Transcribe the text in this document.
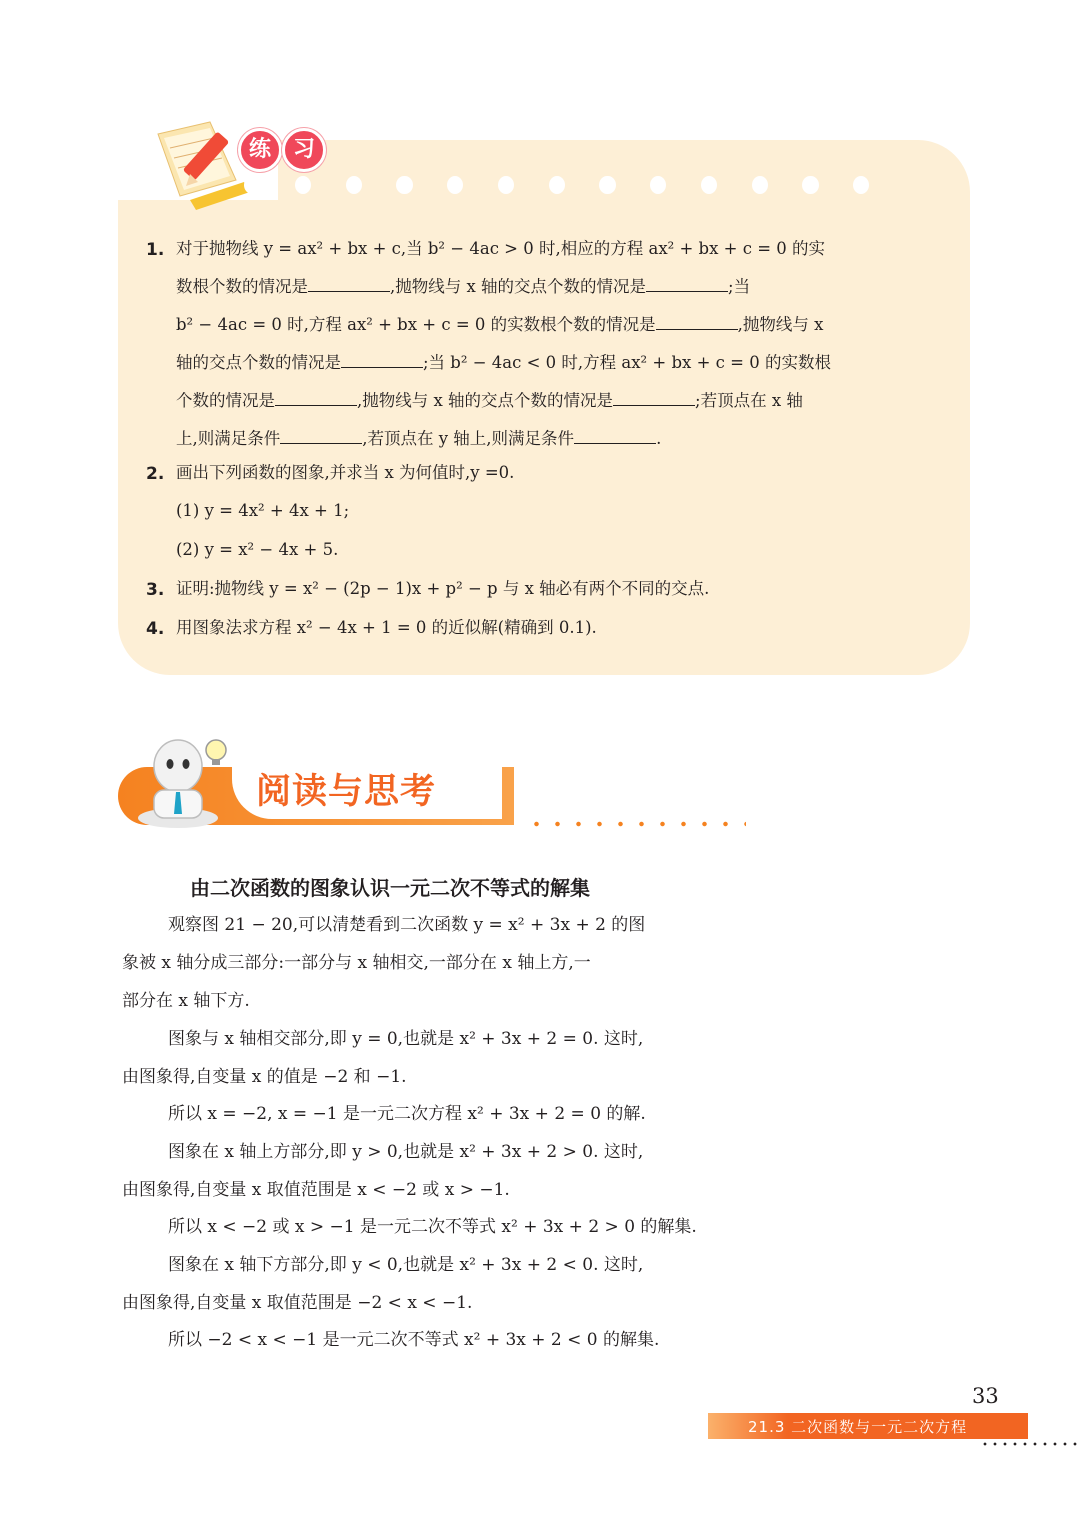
练 习
1. 对于抛物线 y = ax² + bx + c,当 b² − 4ac > 0 时,相应的方程 ax² + bx + c = 0 的实
数根个数的情况是	,抛物线与 x 轴的交点个数的情况是	;当
b² − 4ac = 0 时,方程 ax² + bx + c = 0 的实数根个数的情况是	,抛物线与 x
轴的交点个数的情况是	;当 b² − 4ac < 0 时,方程 ax² + bx + c = 0 的实数根
个数的情况是	,抛物线与 x 轴的交点个数的情况是	;若顶点在 x 轴
上,则满足条件	,若顶点在 y 轴上,则满足条件	.
2. 画出下列函数的图象,并求当 x 为何值时,y =0.
(1) y = 4x² + 4x + 1;
(2) y = x² − 4x + 5.
3. 证明:抛物线 y = x² − (2p − 1)x + p² − p 与 x 轴必有两个不同的交点.
4. 用图象法求方程 x² − 4x + 1 = 0 的近似解(精确到 0.1).
阅读与思考
由二次函数的图象认识一元二次不等式的解集
观察图 21 − 20,可以清楚看到二次函数 y = x² + 3x + 2 的图
象被 x 轴分成三部分:一部分与 x 轴相交,一部分在 x 轴上方,一
部分在 x 轴下方.
图象与 x 轴相交部分,即 y = 0,也就是 x² + 3x + 2 = 0. 这时,
由图象得,自变量 x 的值是 −2 和 −1.
所以 x = −2, x = −1 是一元二次方程 x² + 3x + 2 = 0 的解.
图象在 x 轴上方部分,即 y > 0,也就是 x² + 3x + 2 > 0. 这时,
由图象得,自变量 x 取值范围是 x < −2 或 x > −1.
所以 x < −2 或 x > −1 是一元二次不等式 x² + 3x + 2 > 0 的解集.
图象在 x 轴下方部分,即 y < 0,也就是 x² + 3x + 2 < 0. 这时,
由图象得,自变量 x 取值范围是 −2 < x < −1.
所以 −2 < x < −1 是一元二次不等式 x² + 3x + 2 < 0 的解集.
33
21.3 二次函数与一元二次方程
